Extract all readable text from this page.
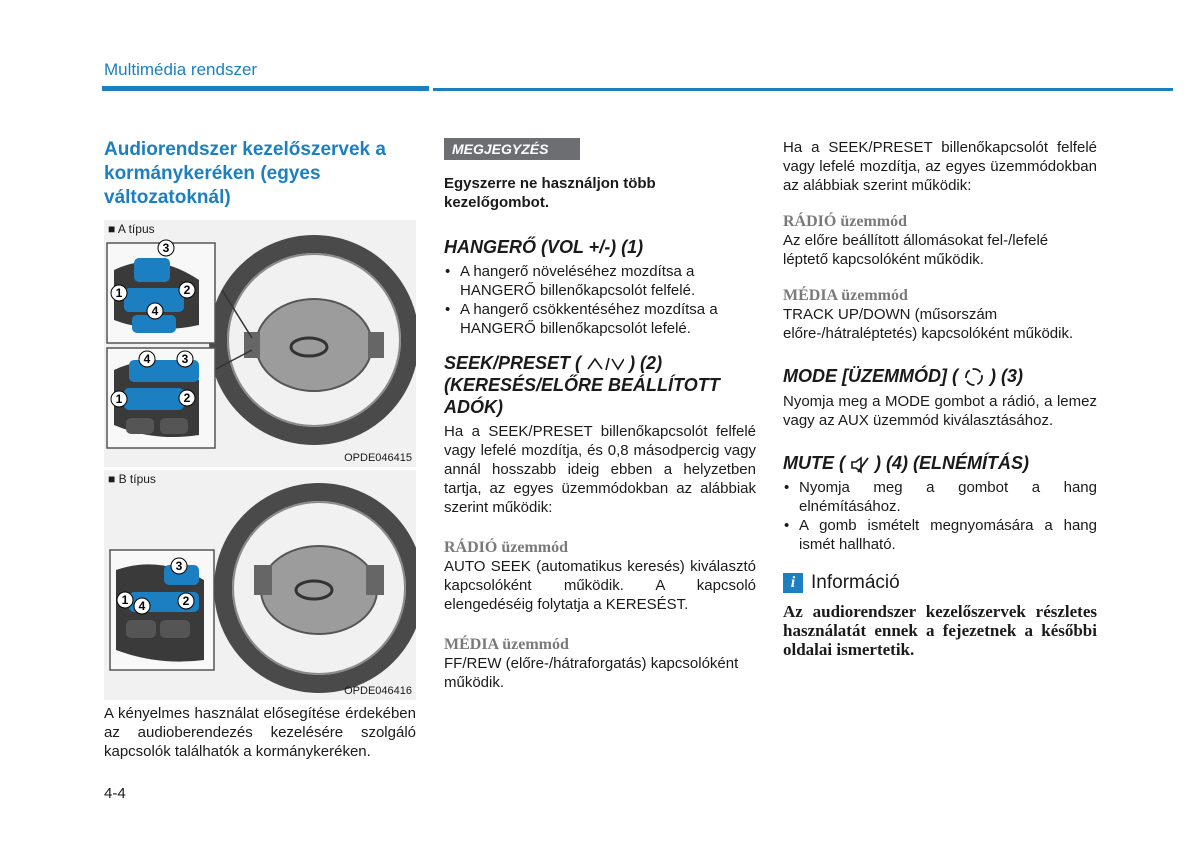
Multimédia rendszer
Audiorendszer kezelőszervek a kormánykeréken (egyes változatoknál)
3
1	2
4
4	3
1	2
■ A típus
OPDE046415
3
1 4	2
■ B típus
OPDE046416

A kényelmes használat elősegítése érdekében az audioberendezés kezelésére szolgáló kapcsolók találhatók a kormánykeréken.

MEGJEGYZÉS

Egyszerre ne használjon több kezelőgombot.

HANGERŐ (VOL +/-) (1)
• A hangerő növeléséhez mozdítsa a HANGERŐ billenőkapcsolót felfelé.
• A hangerő csökkentéséhez mozdítsa a HANGERŐ billenőkapcsolót lefelé.
SEEK/PRESET (	) (2)
(KERESÉS/ELŐRE BEÁLLÍTOTT ADÓK)

Ha a SEEK/PRESET billenőkapcsolót felfelé vagy lefelé mozdítja, és 0,8 másodpercig vagy annál hosszabb ideig ebben a helyzetben tartja, az egyes üzemmódokban az alábbiak szerint működik:

RÁDIÓ üzemmód

AUTO SEEK (automatikus keresés) kiválasztó kapcsolóként működik. A kapcsoló elengedéséig folytatja a KERESÉST.

MÉDIA üzemmód

FF/REW (előre-/hátraforgatás) kapcsolóként működik.

Ha a SEEK/PRESET billenőkapcsolót felfelé vagy lefelé mozdítja, az egyes üzemmódokban az alábbiak szerint működik:

RÁDIÓ üzemmód

Az előre beállított állomásokat fel-/lefelé léptető kapcsolóként működik.

MÉDIA üzemmód

TRACK UP/DOWN (műsorszám előre-/hátraléptetés) kapcsolóként működik.

MODE [ÜZEMMÓD] ( ) (3)

Nyomja meg a MODE gombot a rádió, a lemez vagy az AUX üzemmód kiválasztásához.

MUTE ( ) (4) (ELNÉMÍTÁS)
• Nyomja meg a gombot a hang elnémításához.
• A gomb ismételt megnyomására a hang ismét hallható.
i Információ

Az audiorendszer kezelőszervek részletes használatát ennek a fejezetnek a későbbi oldalai ismertetik.

4-4
